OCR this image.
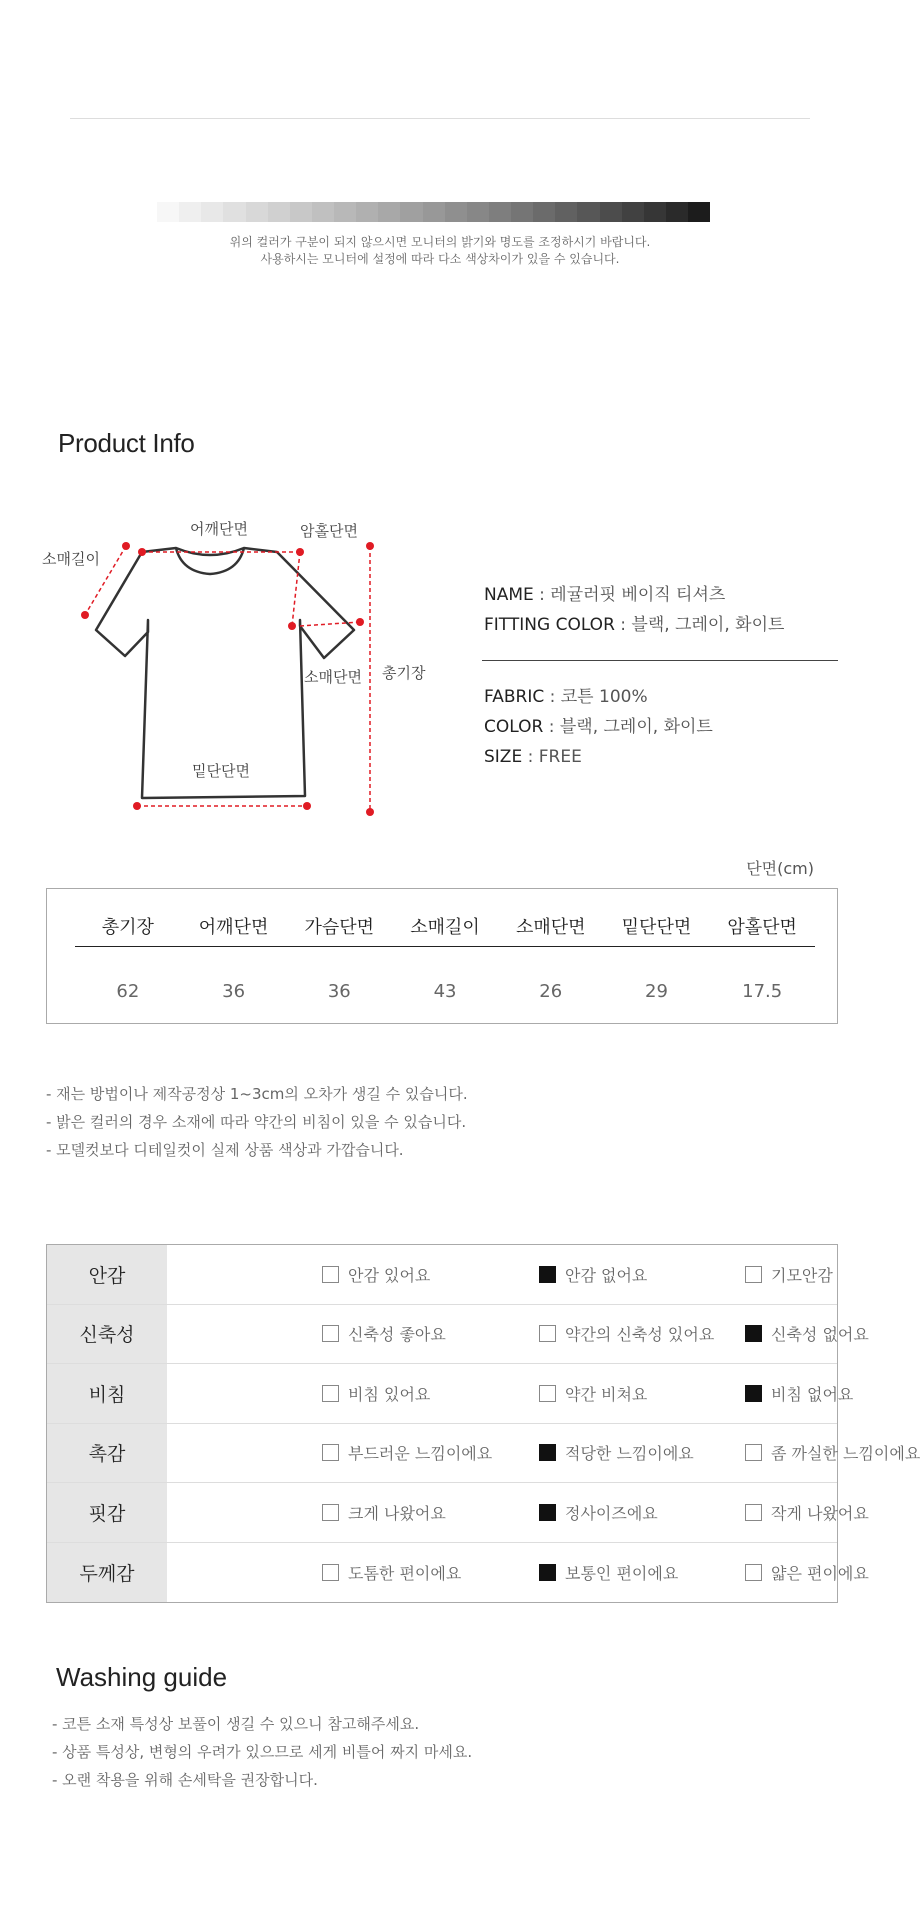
위의 컬러가 구분이 되지 않으시면 모니터의 밝기와 명도를 조정하시기 바랍니다.
사용하시는 모니터에 설정에 따라 다소 색상차이가 있을 수 있습니다.
Product Info
어깨단면	암홀단면
소매길이
소매단면 총기장
밑단단면
NAME : 레귤러핏 베이직 티셔츠
FITTING COLOR : 블랙, 그레이, 화이트
FABRIC : 코튼 100%
COLOR : 블랙, 그레이, 화이트
SIZE : FREE
단면(cm)
총기장	어깨단면	가슴단면	소매길이	소매단면	밑단단면	암홀단면
62	36	36	43	26	29	17.5
- 재는 방법이나 제작공정상 1~3cm의 오차가 생길 수 있습니다.
- 밝은 컬러의 경우 소재에 따라 약간의 비침이 있을 수 있습니다.
- 모델컷보다 디테일컷이 실제 상품 색상과 가깝습니다.
안감	안감 있어요	안감 없어요	기모안감
신축성	신축성 좋아요	약간의 신축성 있어요	신축성 없어요
비침	비침 있어요	약간 비쳐요	비침 없어요
촉감	부드러운 느낌이에요	적당한 느낌이에요	좀 까실한 느낌이에요
핏감	크게 나왔어요	정사이즈에요	작게 나왔어요
두께감	도톰한 편이에요	보통인 편이에요	얇은 편이에요
Washing guide
- 코튼 소재 특성상 보풀이 생길 수 있으니 참고해주세요.
- 상품 특성상, 변형의 우려가 있으므로 세게 비틀어 짜지 마세요.
- 오랜 착용을 위해 손세탁을 권장합니다.
